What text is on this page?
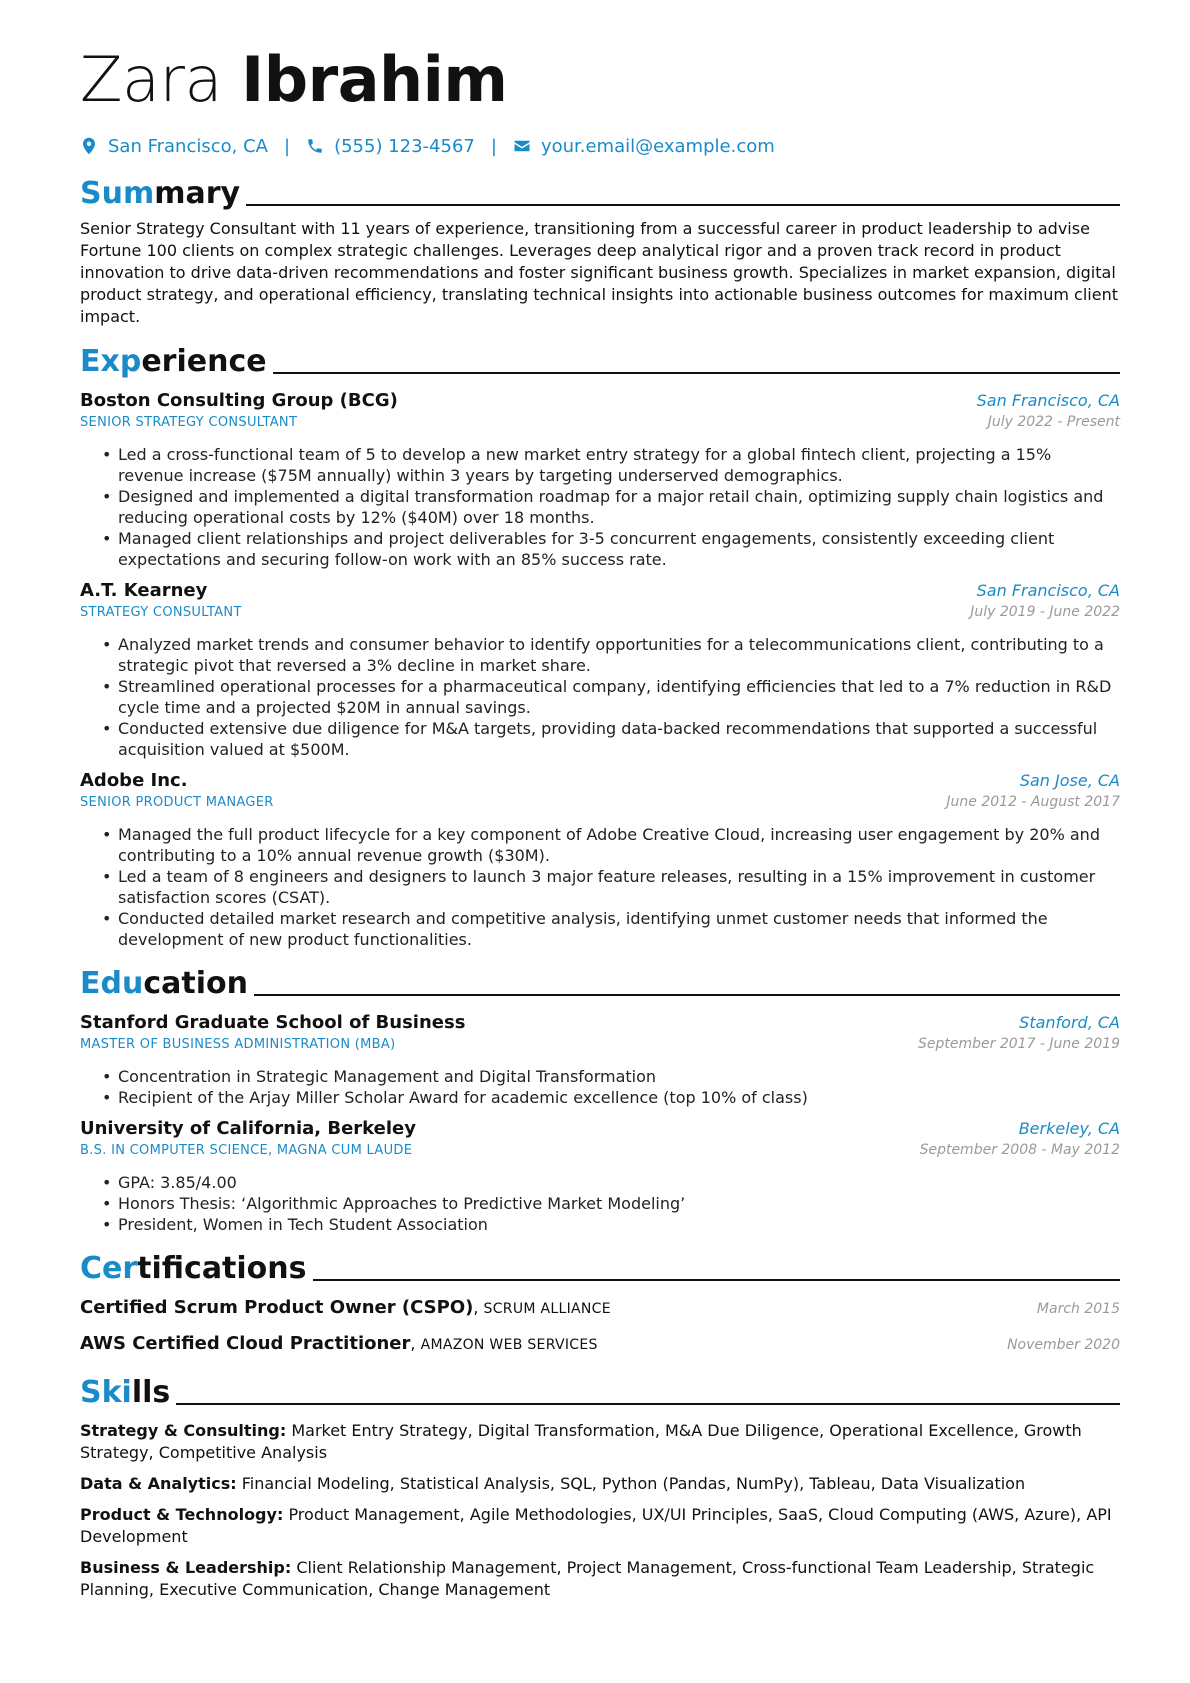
Zara Ibrahim
San Francisco, CA | (555) 123-4567 | your.email@example.com
Summary

Senior Strategy Consultant with 11 years of experience, transitioning from a successful career in product leadership to advise Fortune 100 clients on complex strategic challenges. Leverages deep analytical rigor and a proven track record in product innovation to drive data-driven recommendations and foster significant business growth. Specializes in market expansion, digital product strategy, and operational efficiency, translating technical insights into actionable business outcomes for maximum client impact.

Experience
Boston Consulting Group (BCG)	San Francisco, CA
SENIOR STRATEGY CONSULTANT	July 2022 - Present
• Led a cross-functional team of 5 to develop a new market entry strategy for a global fintech client, projecting a 15% revenue increase ($75M annually) within 3 years by targeting underserved demographics.
• Designed and implemented a digital transformation roadmap for a major retail chain, optimizing supply chain logistics and reducing operational costs by 12% ($40M) over 18 months.
• Managed client relationships and project deliverables for 3-5 concurrent engagements, consistently exceeding client expectations and securing follow-on work with an 85% success rate.
A.T. Kearney	San Francisco, CA
STRATEGY CONSULTANT	July 2019 - June 2022
• Analyzed market trends and consumer behavior to identify opportunities for a telecommunications client, contributing to a strategic pivot that reversed a 3% decline in market share.
• Streamlined operational processes for a pharmaceutical company, identifying efficiencies that led to a 7% reduction in R&D cycle time and a projected $20M in annual savings.
• Conducted extensive due diligence for M&A targets, providing data-backed recommendations that supported a successful acquisition valued at $500M.
Adobe Inc.	San Jose, CA
SENIOR PRODUCT MANAGER	June 2012 - August 2017
• Managed the full product lifecycle for a key component of Adobe Creative Cloud, increasing user engagement by 20% and contributing to a 10% annual revenue growth ($30M).
• Led a team of 8 engineers and designers to launch 3 major feature releases, resulting in a 15% improvement in customer satisfaction scores (CSAT).
• Conducted detailed market research and competitive analysis, identifying unmet customer needs that informed the development of new product functionalities.
Education
Stanford Graduate School of Business	Stanford, CA
MASTER OF BUSINESS ADMINISTRATION (MBA)	September 2017 - June 2019
• Concentration in Strategic Management and Digital Transformation
• Recipient of the Arjay Miller Scholar Award for academic excellence (top 10% of class)
University of California, Berkeley	Berkeley, CA
B.S. IN COMPUTER SCIENCE, MAGNA CUM LAUDE	September 2008 - May 2012
• GPA: 3.85/4.00
• Honors Thesis: ‘Algorithmic Approaches to Predictive Market Modeling’
• President, Women in Tech Student Association
Certifications
Certified Scrum Product Owner (CSPO), SCRUM ALLIANCE	March 2015
AWS Certified Cloud Practitioner, AMAZON WEB SERVICES	November 2020
Skills

Strategy & Consulting: Market Entry Strategy, Digital Transformation, M&A Due Diligence, Operational Excellence, Growth Strategy, Competitive Analysis

Data & Analytics: Financial Modeling, Statistical Analysis, SQL, Python (Pandas, NumPy), Tableau, Data Visualization

Product & Technology: Product Management, Agile Methodologies, UX/UI Principles, SaaS, Cloud Computing (AWS, Azure), API Development

Business & Leadership: Client Relationship Management, Project Management, Cross-functional Team Leadership, Strategic Planning, Executive Communication, Change Management
